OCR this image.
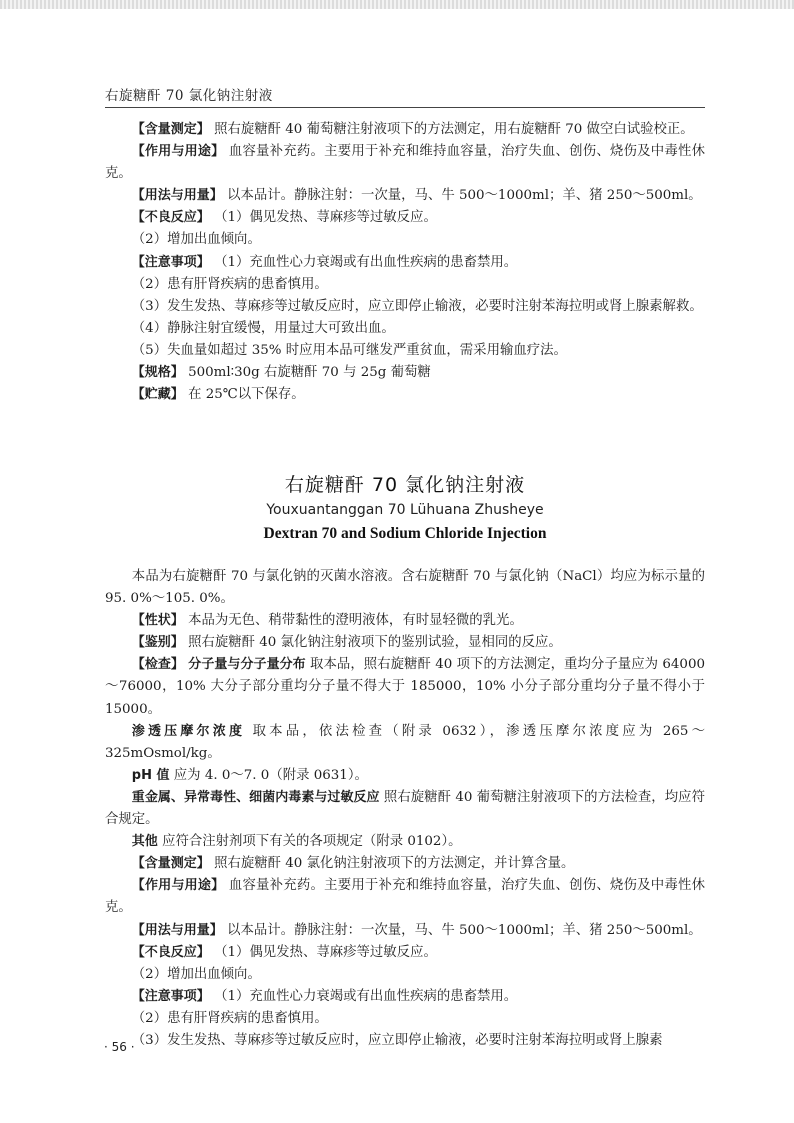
右旋糖酐 70 氯化钠注射液

【含量测定】 照右旋糖酐 40 葡萄糖注射液项下的方法测定，用右旋糖酐 70 做空白试验校正。

【作用与用途】 血容量补充药。主要用于补充和维持血容量，治疗失血、创伤、烧伤及中毒性休克。

【用法与用量】 以本品计。静脉注射：一次量，马、牛 500～1000ml；羊、猪 250～500ml。

【不良反应】 （1）偶见发热、荨麻疹等过敏反应。

（2）增加出血倾向。

【注意事项】 （1）充血性心力衰竭或有出血性疾病的患畜禁用。

（2）患有肝肾疾病的患畜慎用。

（3）发生发热、荨麻疹等过敏反应时，应立即停止输液，必要时注射苯海拉明或肾上腺素解救。

（4）静脉注射宜缓慢，用量过大可致出血。

（5）失血量如超过 35% 时应用本品可继发严重贫血，需采用输血疗法。

【规格】 500ml∶30g 右旋糖酐 70 与 25g 葡萄糖

【贮藏】 在 25℃以下保存。

右旋糖酐 70 氯化钠注射液
Youxuantanggan 70 Lühuana Zhusheye
Dextran 70 and Sodium Chloride Injection

本品为右旋糖酐 70 与氯化钠的灭菌水溶液。含右旋糖酐 70 与氯化钠（NaCl）均应为标示量的 95. 0%～105. 0%。

【性状】 本品为无色、稍带黏性的澄明液体，有时显轻微的乳光。

【鉴别】 照右旋糖酐 40 氯化钠注射液项下的鉴别试验，显相同的反应。

【检查】 分子量与分子量分布 取本品，照右旋糖酐 40 项下的方法测定，重均分子量应为 64000～76000，10% 大分子部分重均分子量不得大于 185000，10% 小分子部分重均分子量不得小于 15000。

渗透压摩尔浓度 取本品，依法检查（附录 0632），渗透压摩尔浓度应为 265～325mOsmol/kg。

pH 值 应为 4. 0～7. 0（附录 0631）。

重金属、异常毒性、细菌内毒素与过敏反应 照右旋糖酐 40 葡萄糖注射液项下的方法检查，均应符合规定。

其他 应符合注射剂项下有关的各项规定（附录 0102）。

【含量测定】 照右旋糖酐 40 氯化钠注射液项下的方法测定，并计算含量。

【作用与用途】 血容量补充药。主要用于补充和维持血容量，治疗失血、创伤、烧伤及中毒性休克。

【用法与用量】 以本品计。静脉注射：一次量，马、牛 500～1000ml；羊、猪 250～500ml。

【不良反应】 （1）偶见发热、荨麻疹等过敏反应。

（2）增加出血倾向。

【注意事项】 （1）充血性心力衰竭或有出血性疾病的患畜禁用。

（2）患有肝肾疾病的患畜慎用。

（3）发生发热、荨麻疹等过敏反应时，应立即停止输液，必要时注射苯海拉明或肾上腺素

· 56 ·
